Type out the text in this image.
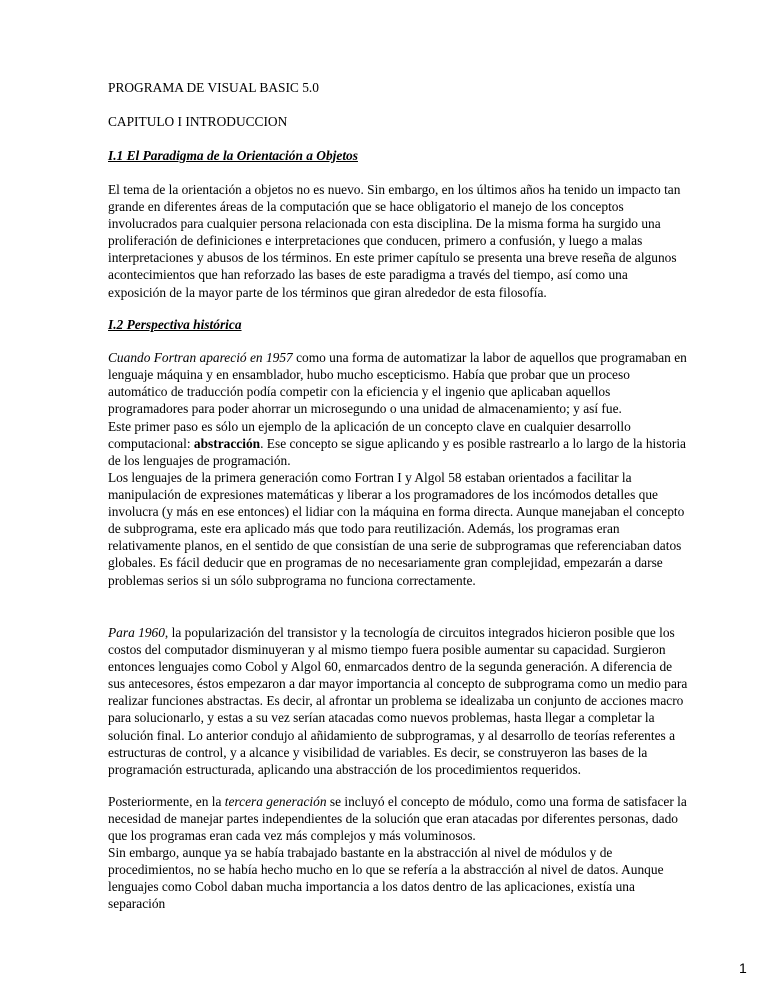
PROGRAMA DE VISUAL BASIC 5.0

CAPITULO I INTRODUCCION

I.1 El Paradigma de la Orientación a Objetos

El tema de la orientación a objetos no es nuevo. Sin embargo, en los últimos años ha tenido un impacto tan grande en diferentes áreas de la computación que se hace obligatorio el manejo de los conceptos involucrados para cualquier persona relacionada con esta disciplina. De la misma forma ha surgido una proliferación de definiciones e interpretaciones que conducen, primero a confusión, y luego a malas interpretaciones y abusos de los términos. En este primer capítulo se presenta una breve reseña de algunos acontecimientos que han reforzado las bases de este paradigma a través del tiempo, así como una exposición de la mayor parte de los términos que giran alrededor de esta filosofía.

I.2 Perspectiva histórica

Cuando Fortran apareció en 1957 como una forma de automatizar la labor de aquellos que programaban en lenguaje máquina y en ensamblador, hubo mucho escepticismo. Había que probar que un proceso automático de traducción podía competir con la eficiencia y el ingenio que aplicaban aquellos programadores para poder ahorrar un microsegundo o una unidad de almacenamiento; y así fue.

Este primer paso es sólo un ejemplo de la aplicación de un concepto clave en cualquier desarrollo computacional: abstracción. Ese concepto se sigue aplicando y es posible rastrearlo a lo largo de la historia de los lenguajes de programación.

Los lenguajes de la primera generación como Fortran I y Algol 58 estaban orientados a facilitar la manipulación de expresiones matemáticas y liberar a los programadores de los incómodos detalles que involucra (y más en ese entonces) el lidiar con la máquina en forma directa. Aunque manejaban el concepto de subprograma, este era aplicado más que todo para reutilización. Además, los programas eran relativamente planos, en el sentido de que consistían de una serie de subprogramas que referenciaban datos globales. Es fácil deducir que en programas de no necesariamente gran complejidad, empezarán a darse problemas serios si un sólo subprograma no funciona correctamente.

Para 1960, la popularización del transistor y la tecnología de circuitos integrados hicieron posible que los costos del computador disminuyeran y al mismo tiempo fuera posible aumentar su capacidad. Surgieron entonces lenguajes como Cobol y Algol 60, enmarcados dentro de la segunda generación. A diferencia de sus antecesores, éstos empezaron a dar mayor importancia al concepto de subprograma como un medio para realizar funciones abstractas. Es decir, al afrontar un problema se idealizaba un conjunto de acciones macro para solucionarlo, y estas a su vez serían atacadas como nuevos problemas, hasta llegar a completar la solución final. Lo anterior condujo al añidamiento de subprogramas, y al desarrollo de teorías referentes a estructuras de control, y a alcance y visibilidad de variables. Es decir, se construyeron las bases de la programación estructurada, aplicando una abstracción de los procedimientos requeridos.

Posteriormente, en la tercera generación se incluyó el concepto de módulo, como una forma de satisfacer la necesidad de manejar partes independientes de la solución que eran atacadas por diferentes personas, dado que los programas eran cada vez más complejos y más voluminosos.

Sin embargo, aunque ya se había trabajado bastante en la abstracción al nivel de módulos y de procedimientos, no se había hecho mucho en lo que se refería a la abstracción al nivel de datos. Aunque lenguajes como Cobol daban mucha importancia a los datos dentro de las aplicaciones, existía una separación

1
